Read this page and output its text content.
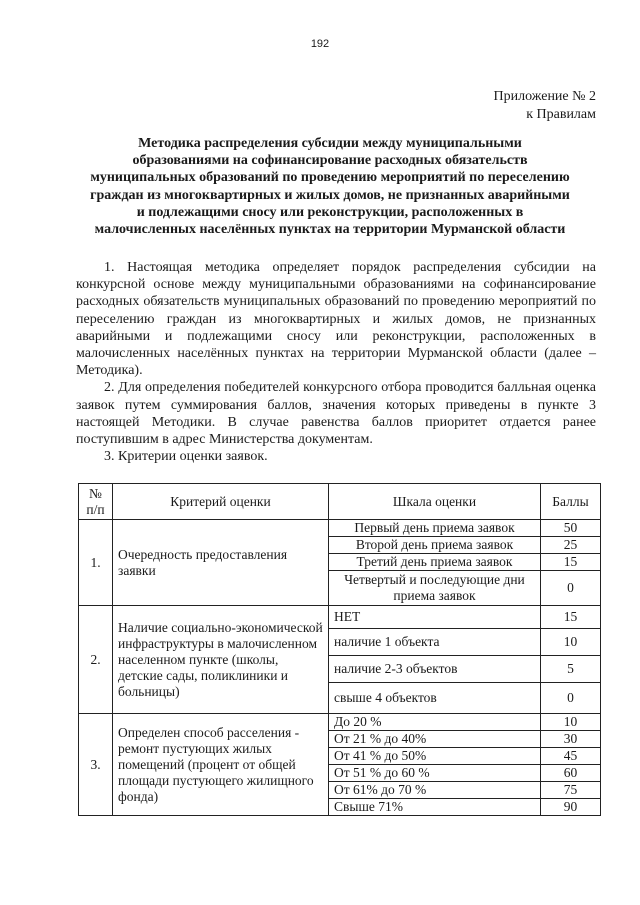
192
Приложение № 2
к Правилам
Методика распределения субсидии между муниципальными
образованиями на софинансирование расходных обязательств
муниципальных образований по проведению мероприятий по переселению
граждан из многоквартирных и жилых домов, не признанных аварийными
и подлежащими сносу или реконструкции, расположенных в
малочисленных населённых пунктах на территории Мурманской области

1. Настоящая методика определяет порядок распределения субсидии на конкурсной основе между муниципальными образованиями на софинансирование расходных обязательств муниципальных образований по проведению мероприятий по переселению граждан из многоквартирных и жилых домов, не признанных аварийными и подлежащими сносу или реконструкции, расположенных в малочисленных населённых пунктах на территории Мурманской области (далее – Методика).

2. Для определения победителей конкурсного отбора проводится балльная оценка заявок путем суммирования баллов, значения которых приведены в пункте 3 настоящей Методики. В случае равенства баллов приоритет отдается ранее поступившим в адрес Министерства документам.

3. Критерии оценки заявок.

№ п/п	Критерий оценки	Шкала оценки	Баллы
1.	Очередность предоставления заявки	Первый день приема заявок	50
		Второй день приема заявок	25
		Третий день приема заявок	15
		Четвертый и последующие дни приема заявок	0
2.	Наличие социально-экономической инфраструктуры в малочисленном населенном пункте (школы, детские сады, поликлиники и больницы)	НЕТ	15
		наличие 1 объекта	10
		наличие 2-3 объектов	5
		свыше 4 объектов	0
3.	Определен способ расселения - ремонт пустующих жилых помещений (процент от общей площади пустующего жилищного фонда)	До 20 %	10
		От 21 % до 40%	30
		От 41 % до 50%	45
		От 51 % до 60 %	60
		От 61% до 70 %	75
		Свыше 71%	90
